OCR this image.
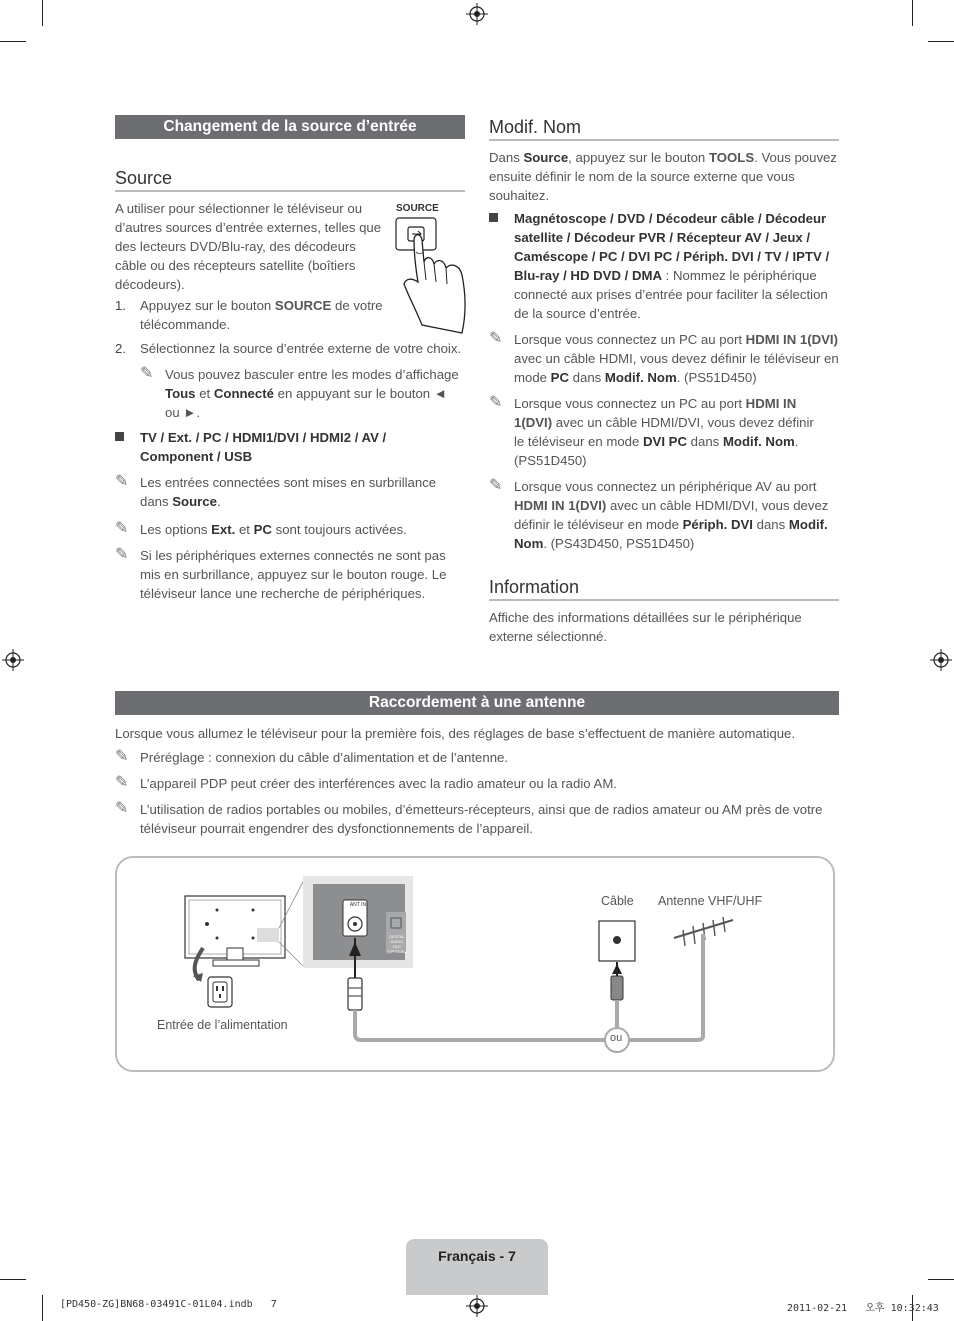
Changement de la source d’entrée
Source
A utiliser pour sélectionner le téléviseur ou d’autres sources d’entrée externes, telles que des lecteurs DVD/Blu-ray, des décodeurs câble ou des récepteurs satellite (boîtiers décodeurs).
SOURCE
1.	Appuyez sur le bouton SOURCE de votre télécommande.
2.	Sélectionnez la source d’entrée externe de votre choix.
✎ Vous pouvez basculer entre les modes d’affichage Tous et Connecté en appuyant sur le bouton ◄
ou ►.
TV / Ext. / PC / HDMI1/DVI / HDMI2 / AV / Component / USB
✎ Les entrées connectées sont mises en surbrillance dans Source.
✎ Les options Ext. et PC sont toujours activées.
✎ Si les périphériques externes connectés ne sont pas mis en surbrillance, appuyez sur le bouton rouge. Le téléviseur lance une recherche de périphériques.
Modif. Nom
Dans Source, appuyez sur le bouton TOOLS. Vous pouvez ensuite définir le nom de la source externe que vous souhaitez.
Magnétoscope / DVD / Décodeur câble / Décodeur satellite / Décodeur PVR / Récepteur AV / Jeux / Caméscope / PC / DVI PC / Périph. DVI / TV / IPTV / Blu-ray / HD DVD / DMA : Nommez le périphérique connecté aux prises d’entrée pour faciliter la sélection de la source d’entrée.
✎ Lorsque vous connectez un PC au port HDMI IN 1(DVI) avec un câble HDMI, vous devez définir le téléviseur en mode PC dans Modif. Nom. (PS51D450)
✎ Lorsque vous connectez un PC au port HDMI IN 1(DVI) avec un câble HDMI/DVI, vous devez définir le téléviseur en mode DVI PC dans Modif. Nom. (PS51D450)
✎ Lorsque vous connectez un périphérique AV au port HDMI IN 1(DVI) avec un câble HDMI/DVI, vous devez définir le téléviseur en mode Périph. DVI dans Modif. Nom. (PS43D450, PS51D450)
Information
Affiche des informations détaillées sur le périphérique externe sélectionné.
Raccordement à une antenne
Lorsque vous allumez le téléviseur pour la première fois, des réglages de base s’effectuent de manière automatique.
✎ Préréglage : connexion du câble d’alimentation et de l’antenne.
✎ L’appareil PDP peut créer des interférences avec la radio amateur ou la radio AM.
✎ L’utilisation de radios portables ou mobiles, d’émetteurs-récepteurs, ainsi que de radios amateur ou AM près de votre téléviseur pourrait engendrer des dysfonctionnements de l’appareil.
Entrée de l’alimentation
Câble Antenne VHF/UHF
ou
ANT IN
DIGITAL AUDIO OUT (OPTICAL)
Français - 7
[PD450-ZG]BN68-03491C-01L04.indb   7	2011-02-21   오후 10:32:43
